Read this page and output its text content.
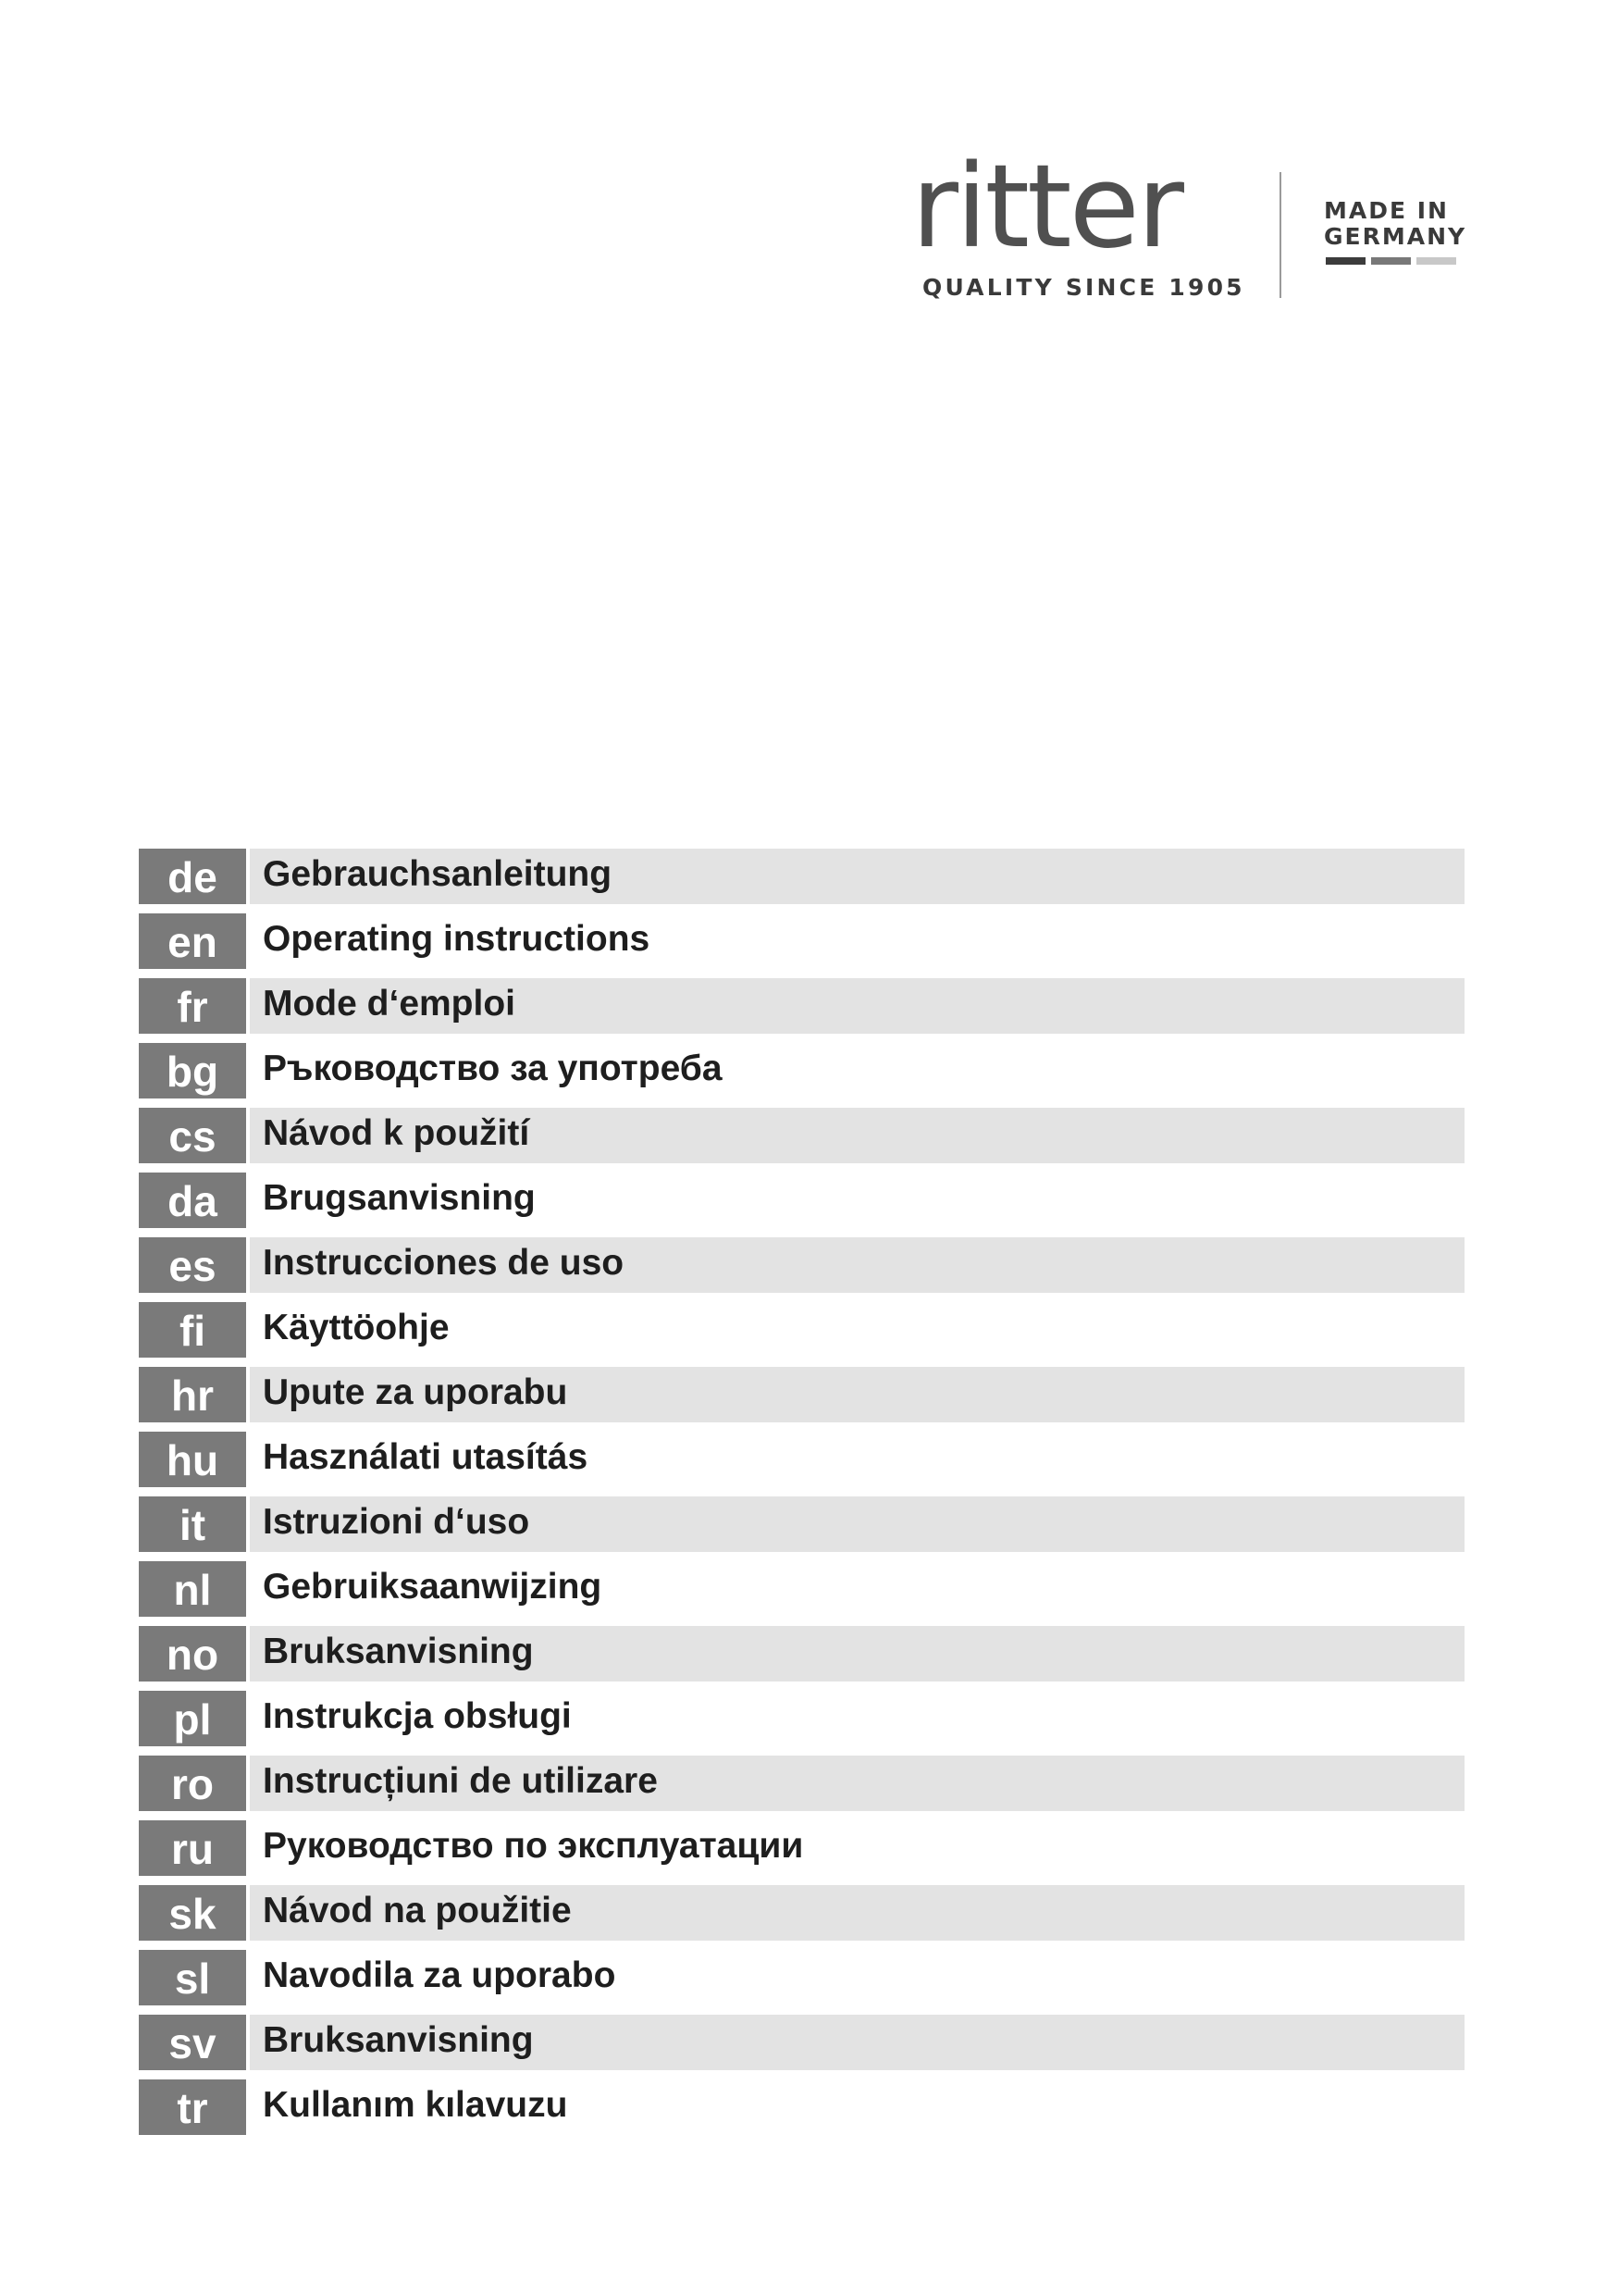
ritter
QUALITY SINCE 1905
MADE IN
GERMANY
de	Gebrauchsanleitung
en	Operating instructions
fr	Mode d‘emploi
bg	Ръководство за употреба
cs	Návod k použití
da	Brugsanvisning
es	Instrucciones de uso
fi	Käyttöohje
hr	Upute za uporabu
hu	Használati utasítás
it	Istruzioni d‘uso
nl	Gebruiksaanwijzing
no	Bruksanvisning
pl	Instrukcja obsługi
ro	Instrucțiuni de utilizare
ru	Руководство по эксплуатации
sk	Návod na použitie
sl	Navodila za uporabo
sv	Bruksanvisning
tr	Kullanım kılavuzu
